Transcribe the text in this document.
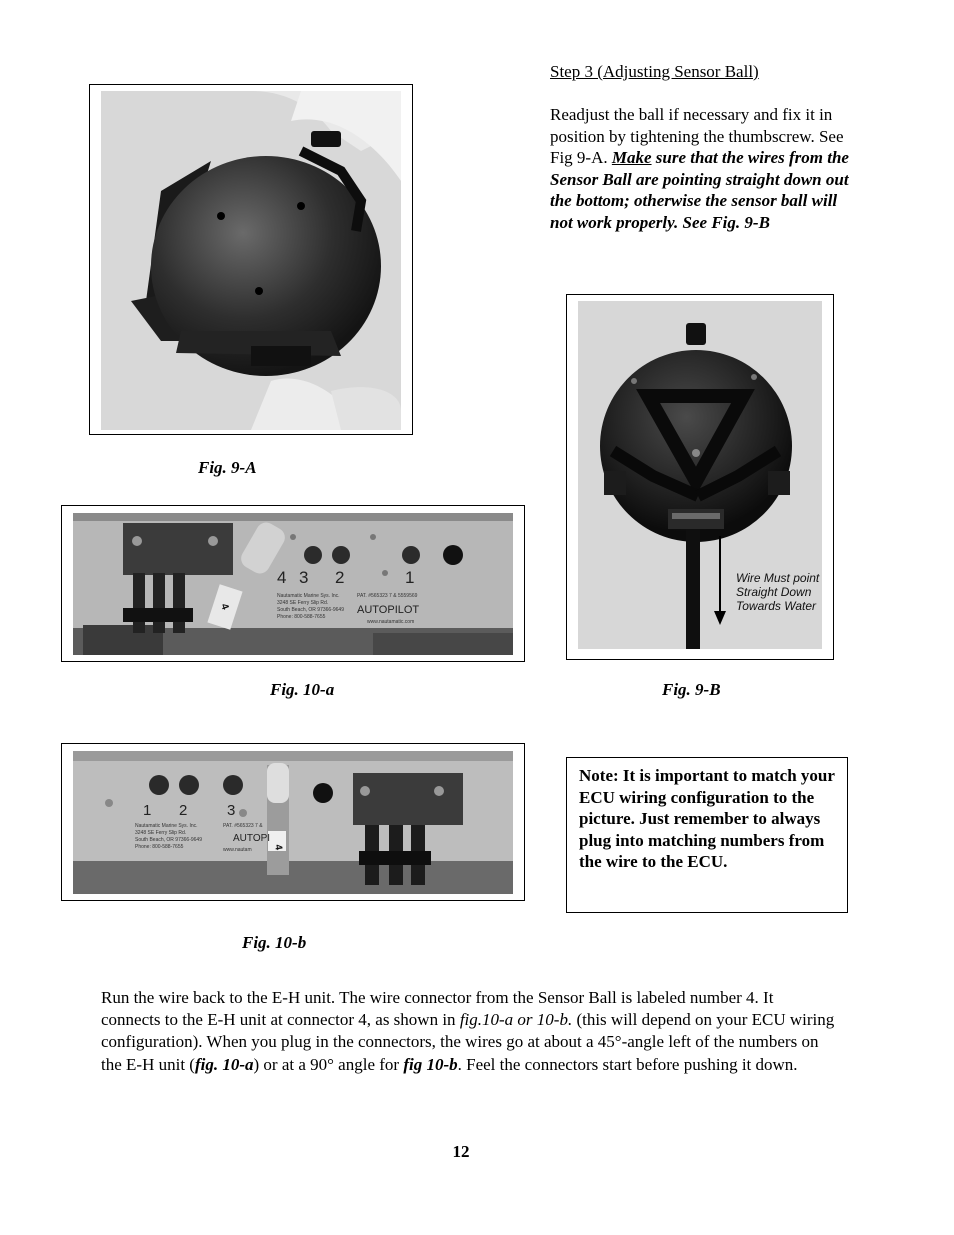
Step 3 (Adjusting Sensor Ball)
Readjust the ball if necessary and fix it in position by tightening the thumbscrew. See Fig 9-A. Make sure that the wires from the Sensor Ball are pointing straight down out the bottom; otherwise the sensor ball will not work properly. See Fig. 9-B
Fig. 9-A
Wire Must point
Straight Down
Towards Water
Fig. 9-B
4 3 2	1
4
Nautamatic Marine Sys. Inc.
3248 SE Ferry Slip Rd.
South Beach, OR 97366-9649
Phone: 800-588-7655
PAT. #565323 7 & 5559569
AUTOPILOT
www.nautamatic.com
Fig. 10-a
1 2	3
4
Nautamatic Marine Sys. Inc.
3248 SE Ferry Slip Rd.
South Beach, OR 97366-9649
Phone: 800-588-7655
PAT. #565323 7 &
AUTOPI
www.nautam
Fig. 10-b
Note: It is important to match your ECU wiring configuration to the picture. Just remember to always plug into matching numbers from the wire to the ECU.
Run the wire back to the E-H unit. The wire connector from the Sensor Ball is labeled number 4. It connects to the E-H unit at connector 4, as shown in fig.10-a or 10-b. (this will depend on your ECU wiring configuration). When you plug in the connectors, the wires go at about a 45°-angle left of the numbers on the E-H unit (fig. 10-a) or at a 90° angle for fig 10-b. Feel the connectors start before pushing it down.
12
